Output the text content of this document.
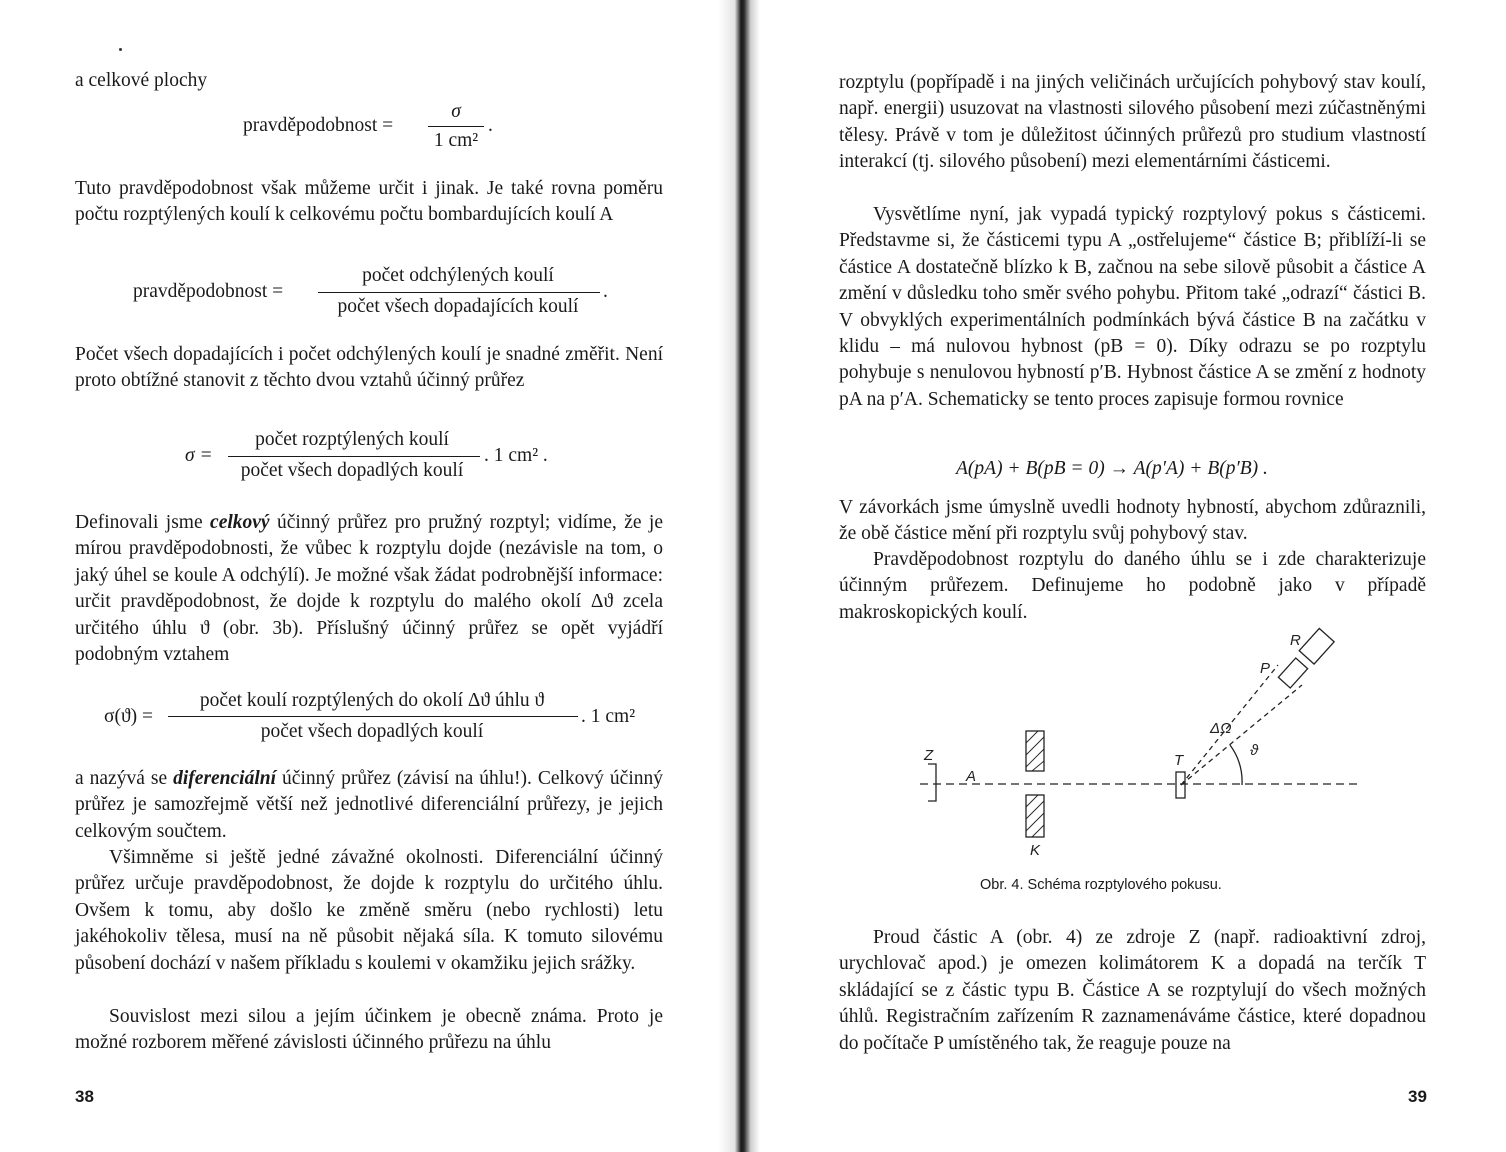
a celkové plochy
pravděpodobnost =
σ
1 cm²
.

Tuto pravděpodobnost však můžeme určit i jinak. Je také rovna poměru počtu rozptýlených koulí k celkovému počtu bombardujících koulí A

pravděpodobnost =
počet odchýlených koulí
počet všech dopadajících koulí
.

Počet všech dopadajících i počet odchýlených koulí je snadné změřit. Není proto obtížné stanovit z těchto dvou vztahů účinný průřez

σ =
počet rozptýlených koulí
počet všech dopadlých koulí
. 1 cm² .

Definovali jsme celkový účinný průřez pro pružný rozptyl; vidíme, že je mírou pravděpodobnosti, že vůbec k rozptylu dojde (nezávisle na tom, o jaký úhel se koule A odchýlí). Je možné však žádat podrobnější informace: určit pravděpodobnost, že dojde k rozptylu do malého okolí Δϑ zcela určitého úhlu ϑ (obr. 3b). Příslušný účinný průřez se opět vyjádří podobným vztahem

σ(ϑ) =
počet koulí rozptýlených do okolí Δϑ úhlu ϑ
počet všech dopadlých koulí
. 1 cm²

a nazývá se diferenciální účinný průřez (závisí na úhlu!). Celkový účinný průřez je samozřejmě větší než jednotlivé diferenciální průřezy, je jejich celkovým součtem.

Všimněme si ještě jedné závažné okolnosti. Diferenciální účinný průřez určuje pravděpodobnost, že dojde k rozptylu do určitého úhlu. Ovšem k tomu, aby došlo ke změně směru (nebo rychlosti) letu jakéhokoliv tělesa, musí na ně působit nějaká síla. K tomuto silovému působení dochází v našem příkladu s koulemi v okamžiku jejich srážky.

Souvislost mezi silou a jejím účinkem je obecně známa. Proto je možné rozborem měřené závislosti účinného průřezu na úhlu

38

rozptylu (popřípadě i na jiných veličinách určujících pohybový stav koulí, např. energii) usuzovat na vlastnosti silového působení mezi zúčastněnými tělesy. Právě v tom je důležitost účinných průřezů pro studium vlastností interakcí (tj. silového působení) mezi elementárními částicemi.

Vysvětlíme nyní, jak vypadá typický rozptylový pokus s částicemi. Představme si, že částicemi typu A „ostřelujeme“ částice B; přiblíží-li se částice A dostatečně blízko k B, začnou na sebe silově působit a částice A změní v důsledku toho směr svého pohybu. Přitom také „odrazí“ částici B. V obvyklých experimentálních podmínkách bývá částice B na začátku v klidu – má nulovou hybnost (pB = 0). Díky odrazu se po rozptylu pohybuje s nenulovou hybností p′B. Hybnost částice A se změní z hodnoty pA na p′A. Schematicky se tento proces zapisuje formou rovnice

A(pA) + B(pB = 0) → A(p′A) + B(p′B) .

V závorkách jsme úmyslně uvedli hodnoty hybností, abychom zdůraznili, že obě částice mění při rozptylu svůj pohybový stav.

Pravděpodobnost rozptylu do daného úhlu se i zde charakterizuje účinným průřezem. Definujeme ho podobně jako v případě makroskopických koulí.

Z
A
K
T
P
R
ΔΩ
ϑ
Obr. 4. Schéma rozptylového pokusu.

Proud částic A (obr. 4) ze zdroje Z (např. radioaktivní zdroj, urychlovač apod.) je omezen kolimátorem K a dopadá na terčík T skládající se z částic typu B. Částice A se rozptylují do všech možných úhlů. Registračním zařízením R zaznamenáváme částice, které dopadnou do počítače P umístěného tak, že reaguje pouze na

39
